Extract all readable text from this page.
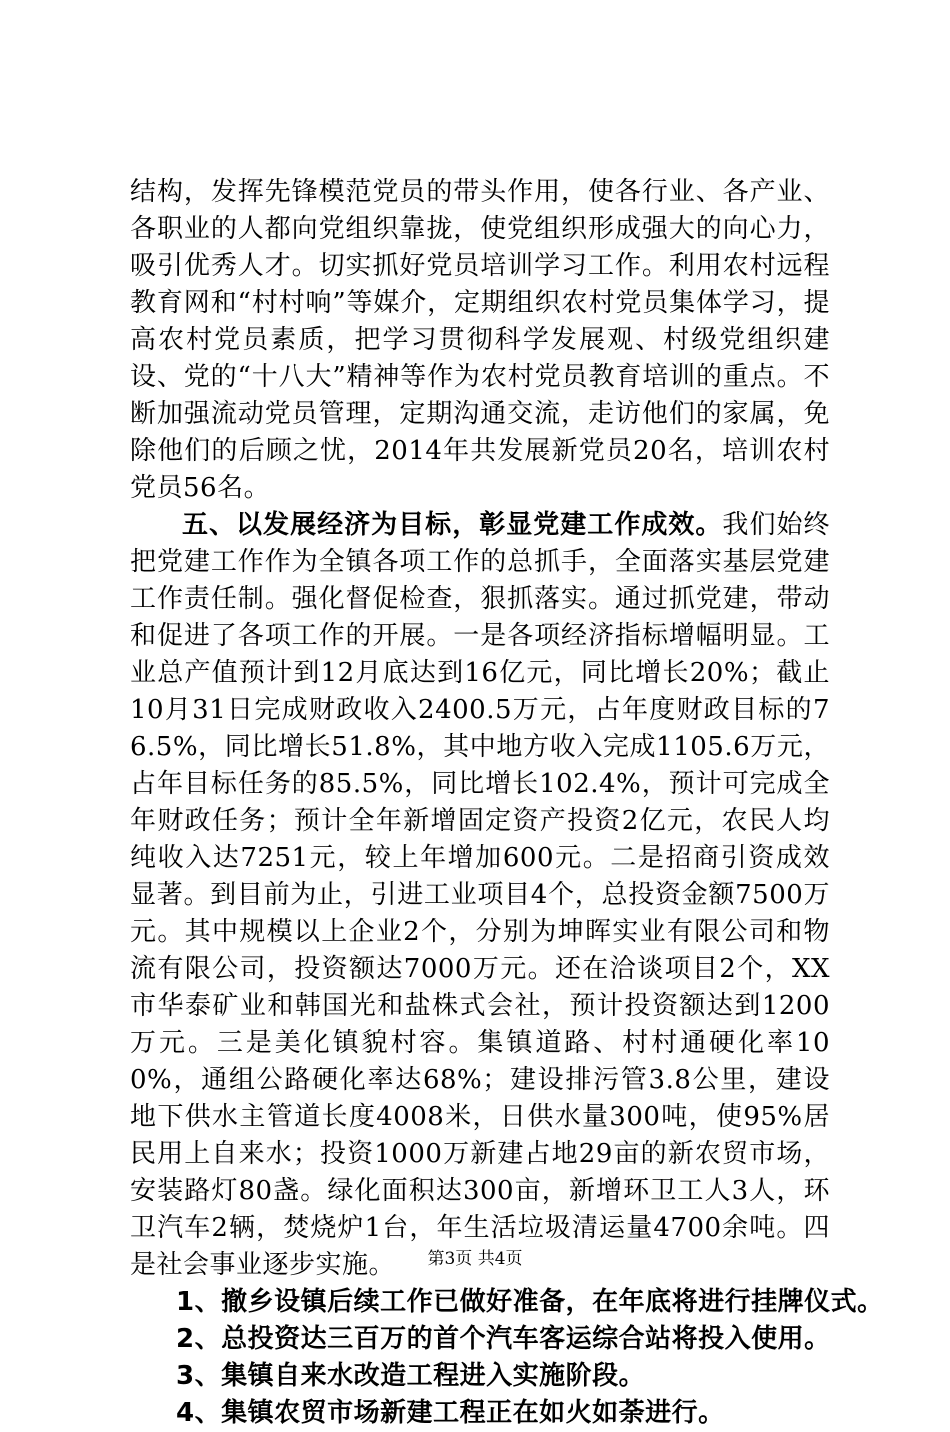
结构，发挥先锋模范党员的带头作用，使各行业、各产业、各职业的人都向党组织靠拢，使党组织形成强大的向心力，吸引优秀人才。切实抓好党员培训学习工作。利用农村远程教育网和“村村响”等媒介，定期组织农村党员集体学习，提高农村党员素质，把学习贯彻科学发展观、村级党组织建设、党的“十八大”精神等作为农村党员教育培训的重点。不断加强流动党员管理，定期沟通交流，走访他们的家属，免除他们的后顾之忧，2014年共发展新党员20名，培训农村党员56名。

五、以发展经济为目标，彰显党建工作成效。我们始终把党建工作作为全镇各项工作的总抓手，全面落实基层党建工作责任制。强化督促检查，狠抓落实。通过抓党建，带动和促进了各项工作的开展。一是各项经济指标增幅明显。工业总产值预计到12月底达到16亿元，同比增长20%；截止10月31日完成财政收入2400.5万元，占年度财政目标的76.5%，同比增长51.8%，其中地方收入完成1105.6万元，占年目标任务的85.5%，同比增长102.4%，预计可完成全年财政任务；预计全年新增固定资产投资2亿元，农民人均纯收入达7251元，较上年增加600元。二是招商引资成效显著。到目前为止，引进工业项目4个，总投资金额7500万元。其中规模以上企业2个，分别为坤晖实业有限公司和物流有限公司，投资额达7000万元。还在洽谈项目2个，XX市华泰矿业和韩国光和盐株式会社，预计投资额达到1200万元。三是美化镇貌村容。集镇道路、村村通硬化率100%，通组公路硬化率达68%；建设排污管3.8公里，建设地下供水主管道长度4008米，日供水量300吨，使95%居民用上自来水；投资1000万新建占地29亩的新农贸市场，安装路灯80盏。绿化面积达300亩，新增环卫工人3人，环卫汽车2辆，焚烧炉1台，年生活垃圾清运量4700余吨。四是社会事业逐步实施。

1、撤乡设镇后续工作已做好准备，在年底将进行挂牌仪式。
2、总投资达三百万的首个汽车客运综合站将投入使用。
3、集镇自来水改造工程进入实施阶段。
4、集镇农贸市场新建工程正在如火如荼进行。
第3页 共4页
